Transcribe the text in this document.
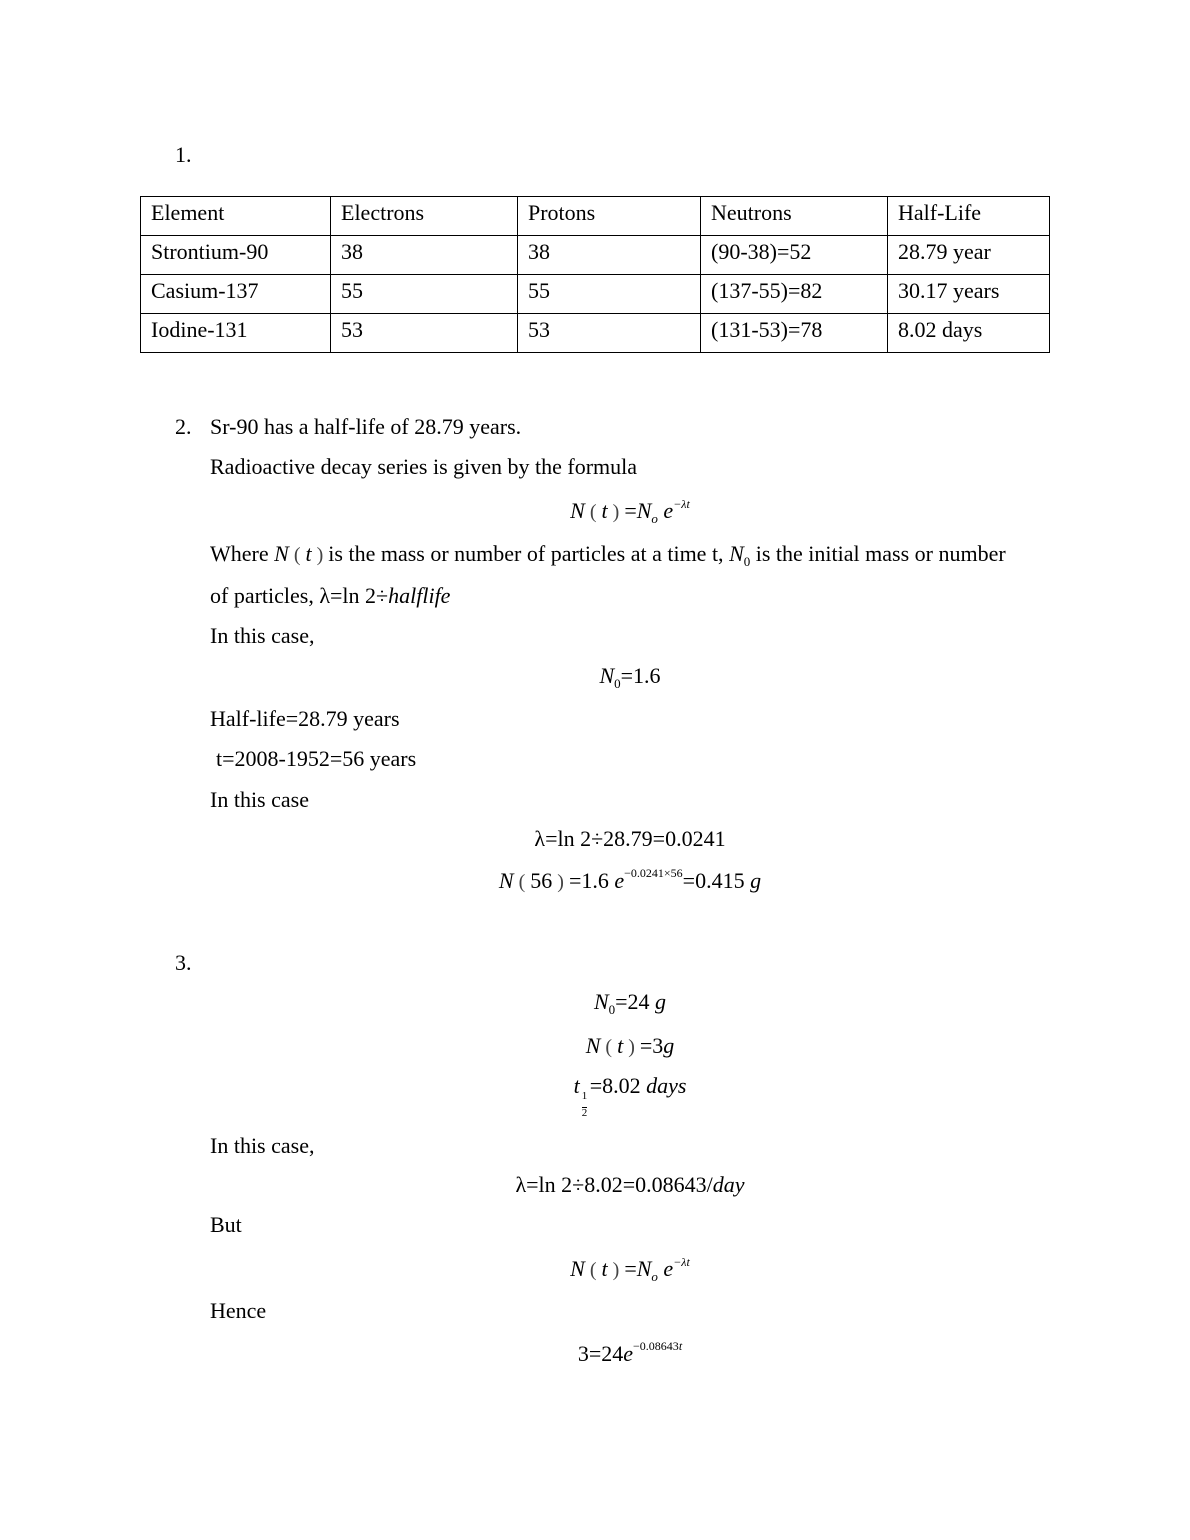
1.
Element	Electrons	Protons	Neutrons	Half-Life
Strontium-90	38	38	(90-38)=52	28.79 year
Casium-137	55	55	(137-55)=82	30.17 years
Iodine-131	53	53	(131-53)=78	8.02 days
2. Sr-90 has a half-life of 28.79 years.
Radioactive decay series is given by the formula
N ( t ) $=N_o$ $e^{-\lambda t}$
Where N ( t ) is the mass or number of particles at a time t, $N_0$ is the initial mass or number
of particles, λ=ln 2÷halflife
In this case,
$N_0=1.6$
Half-life=28.79 years
t=2008-1952=56 years
In this case
λ=ln 2÷28.79=0.0241
N ( 56 ) =1.6 $e^{-0.0241\times 56}=0.415$ g
3.
$N_0=24$ g
N ( t ) =3g
t
$\frac{1}{2}$
=8.02 days
In this case,
λ=ln 2÷8.02=0.08643/day
But
N ( t ) $=N_o$ $e^{-\lambda t}$
Hence
$3=24e^{-0.08643t}$
